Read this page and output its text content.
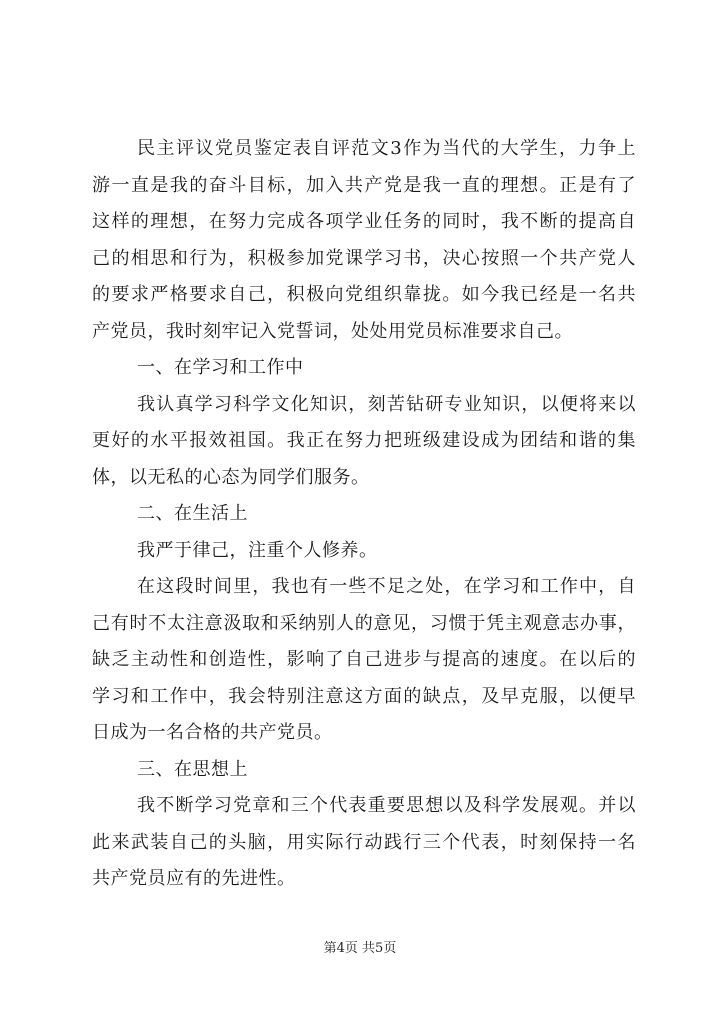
民主评议党员鉴定表自评范文3作为当代的大学生，力争上
游一直是我的奋斗目标，加入共产党是我一直的理想。正是有了
这样的理想，在努力完成各项学业任务的同时，我不断的提高自
己的相思和行为，积极参加党课学习书，决心按照一个共产党人
的要求严格要求自己，积极向党组织靠拢。如今我已经是一名共
产党员，我时刻牢记入党誓词，处处用党员标准要求自己。
一、在学习和工作中
我认真学习科学文化知识，刻苦钻研专业知识，以便将来以
更好的水平报效祖国。我正在努力把班级建设成为团结和谐的集
体，以无私的心态为同学们服务。
二、在生活上
我严于律己，注重个人修养。
在这段时间里，我也有一些不足之处，在学习和工作中，自
己有时不太注意汲取和采纳别人的意见，习惯于凭主观意志办事，
缺乏主动性和创造性，影响了自己进步与提高的速度。在以后的
学习和工作中，我会特别注意这方面的缺点，及早克服，以便早
日成为一名合格的共产党员。
三、在思想上
我不断学习党章和三个代表重要思想以及科学发展观。并以
此来武装自己的头脑，用实际行动践行三个代表，时刻保持一名
共产党员应有的先进性。
第4页 共5页
